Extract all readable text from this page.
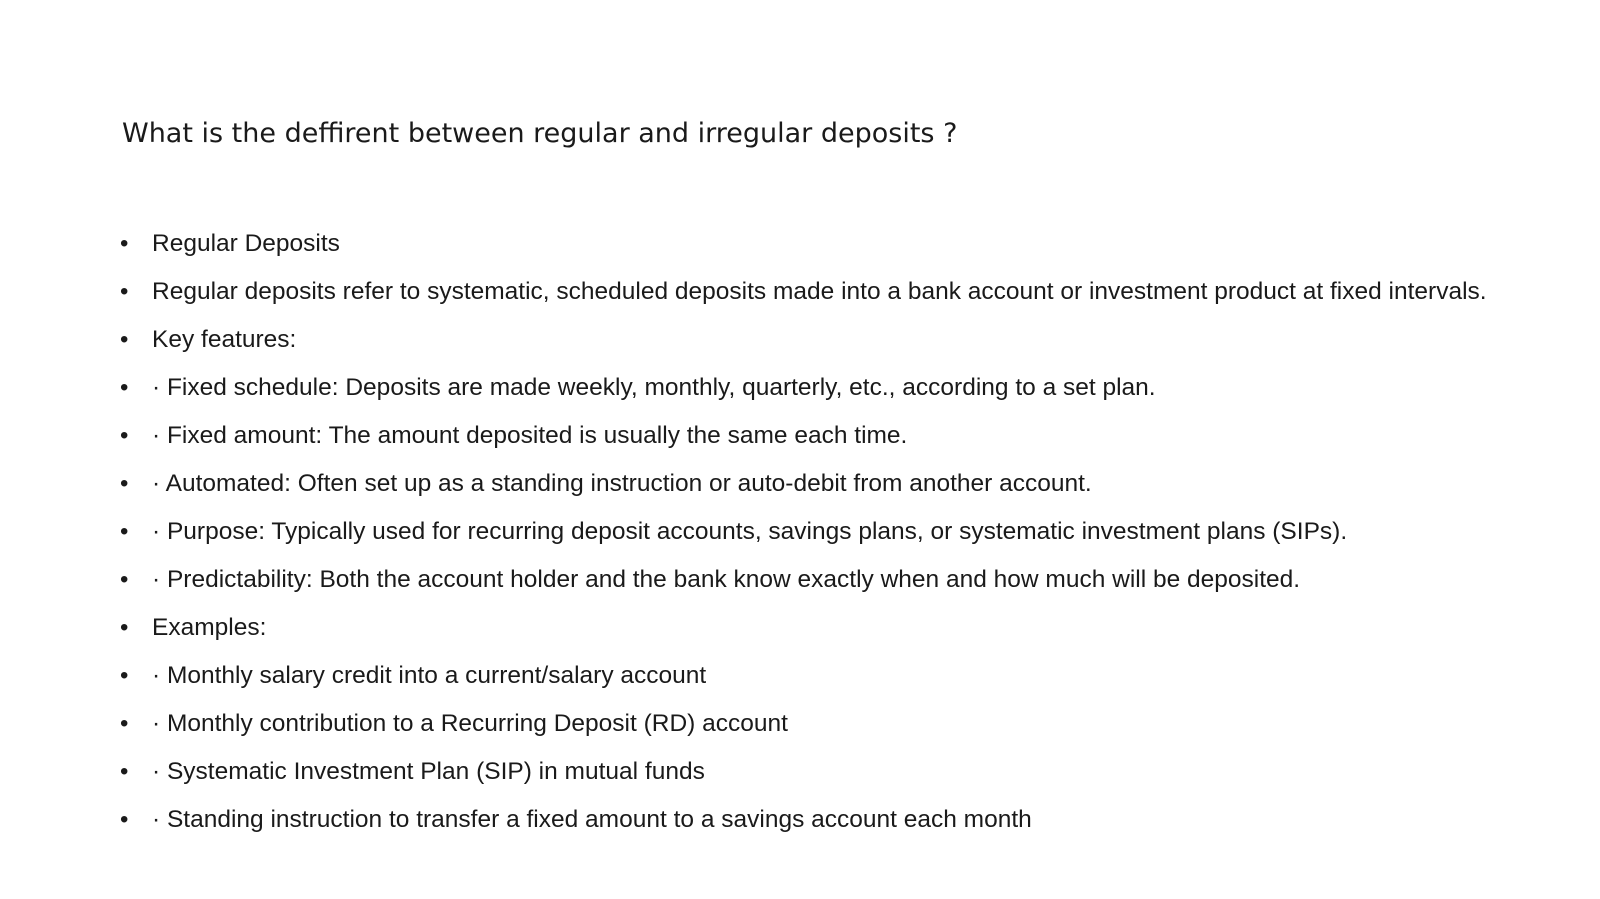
What is the deffirent between regular and irregular deposits ?
• Regular Deposits
• Regular deposits refer to systematic, scheduled deposits made into a bank account or investment product at fixed intervals.
• Key features:
• · Fixed schedule: Deposits are made weekly, monthly, quarterly, etc., according to a set plan.
• · Fixed amount: The amount deposited is usually the same each time.
• · Automated: Often set up as a standing instruction or auto-debit from another account.
• · Purpose: Typically used for recurring deposit accounts, savings plans, or systematic investment plans (SIPs).
• · Predictability: Both the account holder and the bank know exactly when and how much will be deposited.
• Examples:
• · Monthly salary credit into a current/salary account
• · Monthly contribution to a Recurring Deposit (RD) account
• · Systematic Investment Plan (SIP) in mutual funds
• · Standing instruction to transfer a fixed amount to a savings account each month
